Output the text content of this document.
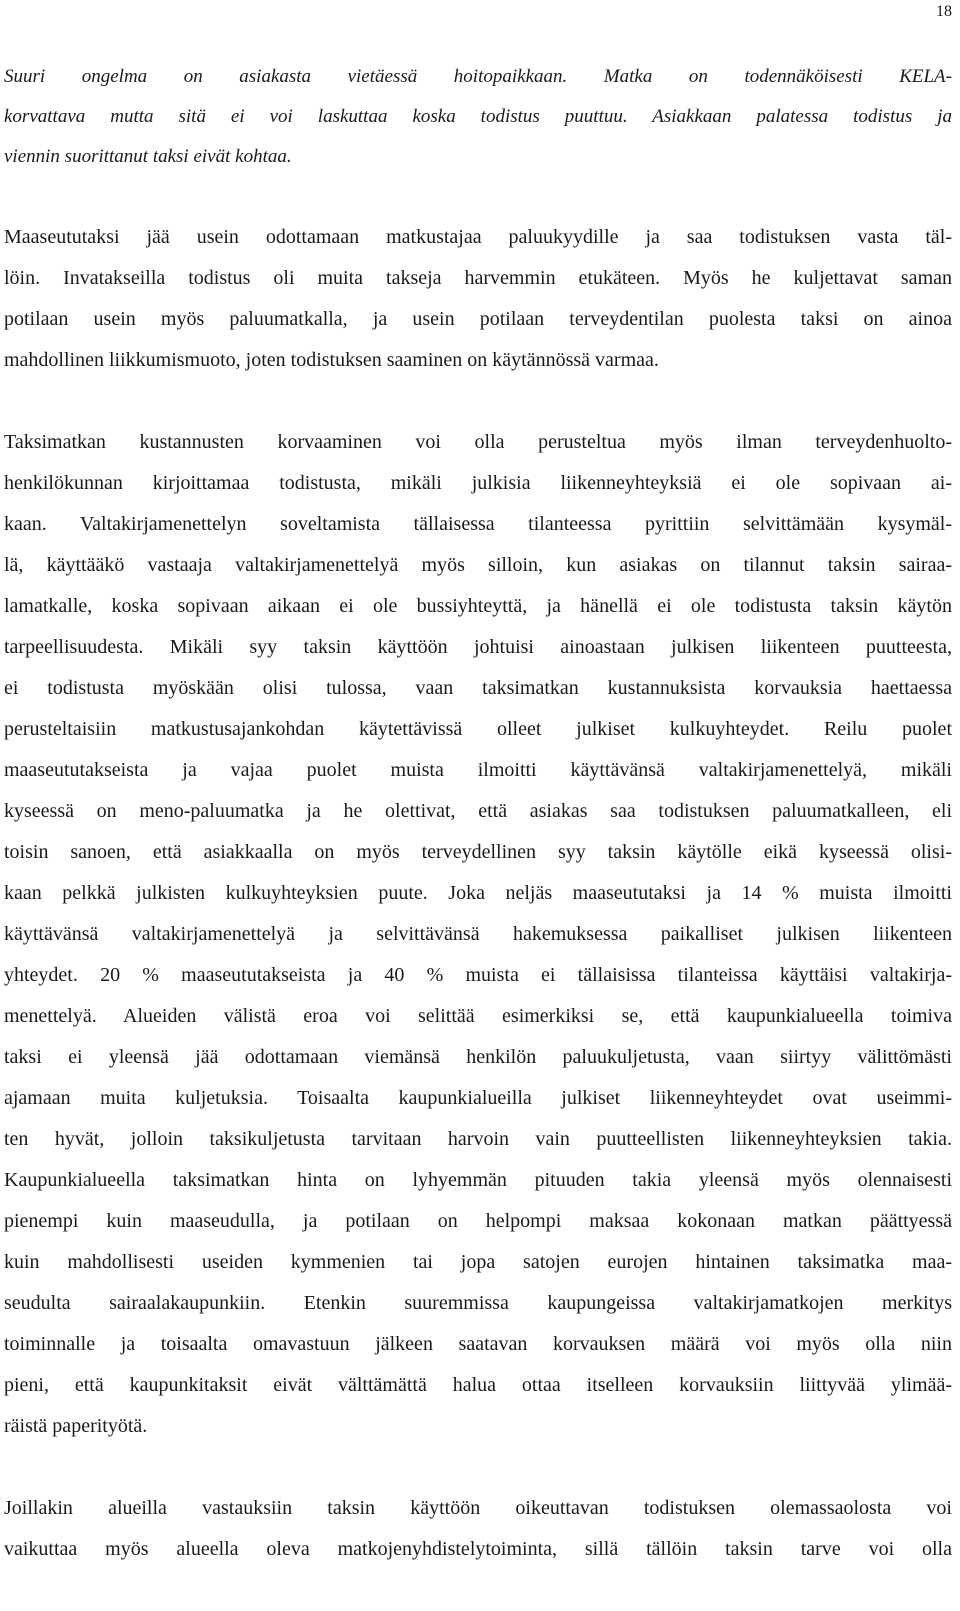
18

Suuri ongelma on asiakasta vietäessä hoitopaikkaan. Matka on todennäköisesti KELA-
korvattava mutta sitä ei voi laskuttaa koska todistus puuttuu. Asiakkaan palatessa todistus ja
viennin suorittanut taksi eivät kohtaa.

Maaseututaksi jää usein odottamaan matkustajaa paluukyydille ja saa todistuksen vasta täl-
löin. Invatakseilla todistus oli muita takseja harvemmin etukäteen. Myös he kuljettavat saman
potilaan usein myös paluumatkalla, ja usein potilaan terveydentilan puolesta taksi on ainoa
mahdollinen liikkumismuoto, joten todistuksen saaminen on käytännössä varmaa.

Taksimatkan kustannusten korvaaminen voi olla perusteltua myös ilman terveydenhuolto-
henkilökunnan kirjoittamaa todistusta, mikäli julkisia liikenneyhteyksiä ei ole sopivaan ai-
kaan. Valtakirjamenettelyn soveltamista tällaisessa tilanteessa pyrittiin selvittämään kysymäl-
lä, käyttääkö vastaaja valtakirjamenettelyä myös silloin, kun asiakas on tilannut taksin sairaa-
lamatkalle, koska sopivaan aikaan ei ole bussiyhteyttä, ja hänellä ei ole todistusta taksin käytön
tarpeellisuudesta. Mikäli syy taksin käyttöön johtuisi ainoastaan julkisen liikenteen puutteesta,
ei todistusta myöskään olisi tulossa, vaan taksimatkan kustannuksista korvauksia haettaessa
perusteltaisiin matkustusajankohdan käytettävissä olleet julkiset kulkuyhteydet. Reilu puolet
maaseututakseista ja vajaa puolet muista ilmoitti käyttävänsä valtakirjamenettelyä, mikäli
kyseessä on meno-paluumatka ja he olettivat, että asiakas saa todistuksen paluumatkalleen, eli
toisin sanoen, että asiakkaalla on myös terveydellinen syy taksin käytölle eikä kyseessä olisi-
kaan pelkkä julkisten kulkuyhteyksien puute. Joka neljäs maaseututaksi ja 14 % muista ilmoitti
käyttävänsä valtakirjamenettelyä ja selvittävänsä hakemuksessa paikalliset julkisen liikenteen
yhteydet. 20 % maaseututakseista ja 40 % muista ei tällaisissa tilanteissa käyttäisi valtakirja-
menettelyä. Alueiden välistä eroa voi selittää esimerkiksi se, että kaupunkialueella toimiva
taksi ei yleensä jää odottamaan viemänsä henkilön paluukuljetusta, vaan siirtyy välittömästi
ajamaan muita kuljetuksia. Toisaalta kaupunkialueilla julkiset liikenneyhteydet ovat useimmi-
ten hyvät, jolloin taksikuljetusta tarvitaan harvoin vain puutteellisten liikenneyhteyksien takia.
Kaupunkialueella taksimatkan hinta on lyhyemmän pituuden takia yleensä myös olennaisesti
pienempi kuin maaseudulla, ja potilaan on helpompi maksaa kokonaan matkan päättyessä
kuin mahdollisesti useiden kymmenien tai jopa satojen eurojen hintainen taksimatka maa-
seudulta sairaalakaupunkiin. Etenkin suuremmissa kaupungeissa valtakirjamatkojen merkitys
toiminnalle ja toisaalta omavastuun jälkeen saatavan korvauksen määrä voi myös olla niin
pieni, että kaupunkitaksit eivät välttämättä halua ottaa itselleen korvauksiin liittyvää ylimää-
räistä paperityötä.

Joillakin alueilla vastauksiin taksin käyttöön oikeuttavan todistuksen olemassaolosta voi
vaikuttaa myös alueella oleva matkojenyhdistelytoiminta, sillä tällöin taksin tarve voi olla
